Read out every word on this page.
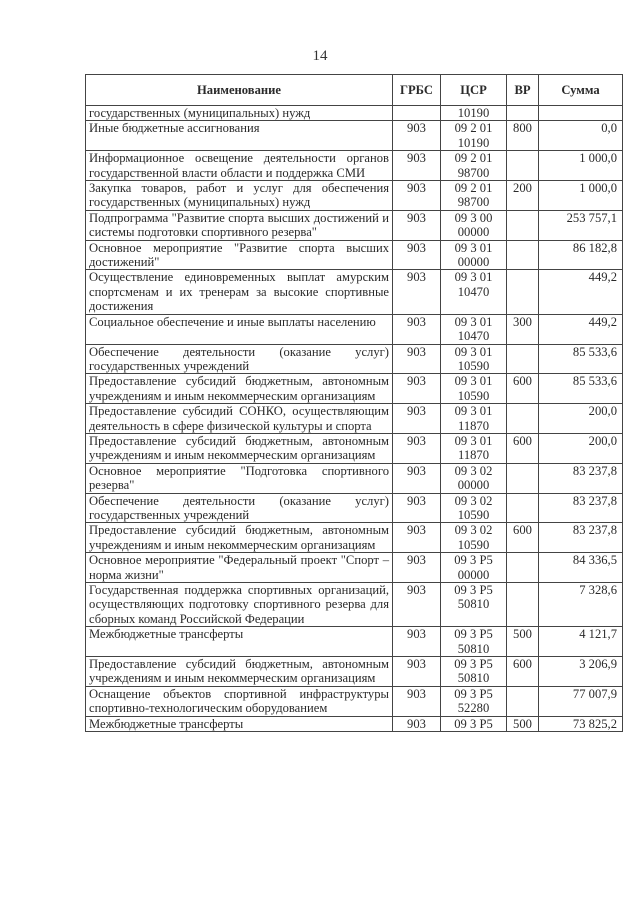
14
Наименование	ГРБС	ЦСР	ВР	Сумма
государственных (муниципальных) нужд		10190		
Иные бюджетные ассигнования	903	09 2 01 10190	800	0,0
Информационное освещение деятельности органов государственной власти области и поддержка СМИ	903	09 2 01 98700		1 000,0
Закупка товаров, работ и услуг для обеспечения государственных (муниципальных) нужд	903	09 2 01 98700	200	1 000,0
Подпрограмма "Развитие спорта высших достижений и системы подготовки спортивного резерва"	903	09 3 00 00000		253 757,1
Основное мероприятие "Развитие спорта высших достижений"	903	09 3 01 00000		86 182,8
Осуществление единовременных выплат амурским спортсменам и их тренерам за высокие спортивные достижения	903	09 3 01 10470		449,2
Социальное обеспечение и иные выплаты населению	903	09 3 01 10470	300	449,2
Обеспечение деятельности (оказание услуг) государственных учреждений	903	09 3 01 10590		85 533,6
Предоставление субсидий бюджетным, автономным учреждениям и иным некоммерческим организациям	903	09 3 01 10590	600	85 533,6
Предоставление субсидий СОНКО, осуществляющим деятельность в сфере физической культуры и спорта	903	09 3 01 11870		200,0
Предоставление субсидий бюджетным, автономным учреждениям и иным некоммерческим организациям	903	09 3 01 11870	600	200,0
Основное мероприятие "Подготовка спортивного резерва"	903	09 3 02 00000		83 237,8
Обеспечение деятельности (оказание услуг) государственных учреждений	903	09 3 02 10590		83 237,8
Предоставление субсидий бюджетным, автономным учреждениям и иным некоммерческим организациям	903	09 3 02 10590	600	83 237,8
Основное мероприятие "Федеральный проект "Спорт – норма жизни"	903	09 3 P5 00000		84 336,5
Государственная поддержка спортивных организаций, осуществляющих подготовку спортивного резерва для сборных команд Российской Федерации	903	09 3 P5 50810		7 328,6
Межбюджетные трансферты	903	09 3 P5 50810	500	4 121,7
Предоставление субсидий бюджетным, автономным учреждениям и иным некоммерческим организациям	903	09 3 P5 50810	600	3 206,9
Оснащение объектов спортивной инфраструктуры спортивно-технологическим оборудованием	903	09 3 P5 52280		77 007,9
Межбюджетные трансферты	903	09 3 P5	500	73 825,2
